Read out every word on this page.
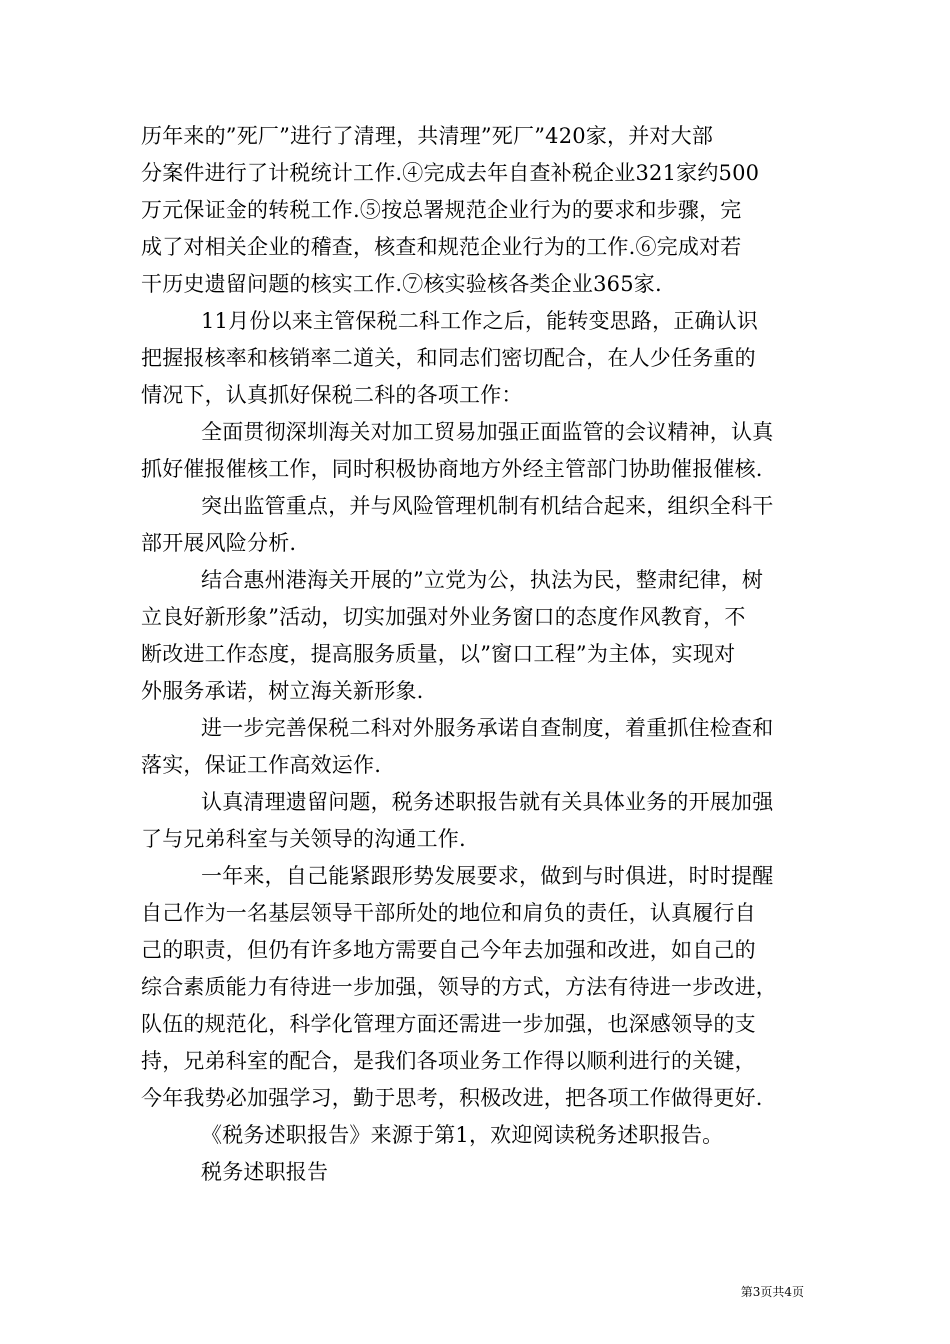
历年来的”死厂”进行了清理，共清理”死厂”420家，并对大部
分案件进行了计税统计工作.④完成去年自查补税企业321家约500
万元保证金的转税工作.⑤按总署规范企业行为的要求和步骤，完
成了对相关企业的稽查，核查和规范企业行为的工作.⑥完成对若
干历史遗留问题的核实工作.⑦核实验核各类企业365家.
11月份以来主管保税二科工作之后，能转变思路，正确认识
把握报核率和核销率二道关，和同志们密切配合，在人少任务重的
情况下，认真抓好保税二科的各项工作：
全面贯彻深圳海关对加工贸易加强正面监管的会议精神，认真
抓好催报催核工作，同时积极协商地方外经主管部门协助催报催核.
突出监管重点，并与风险管理机制有机结合起来，组织全科干
部开展风险分析.
结合惠州港海关开展的”立党为公，执法为民，整肃纪律，树
立良好新形象”活动，切实加强对外业务窗口的态度作风教育，不
断改进工作态度，提高服务质量，以”窗口工程”为主体，实现对
外服务承诺，树立海关新形象.
进一步完善保税二科对外服务承诺自查制度，着重抓住检查和
落实，保证工作高效运作.
认真清理遗留问题，税务述职报告就有关具体业务的开展加强
了与兄弟科室与关领导的沟通工作.
一年来，自己能紧跟形势发展要求，做到与时俱进，时时提醒
自己作为一名基层领导干部所处的地位和肩负的责任，认真履行自
己的职责，但仍有许多地方需要自己今年去加强和改进，如自己的
综合素质能力有待进一步加强，领导的方式，方法有待进一步改进，
队伍的规范化，科学化管理方面还需进一步加强，也深感领导的支
持，兄弟科室的配合，是我们各项业务工作得以顺利进行的关键，
今年我势必加强学习，勤于思考，积极改进，把各项工作做得更好.
《税务述职报告》来源于第1，欢迎阅读税务述职报告。
税务述职报告
第3页共4页
